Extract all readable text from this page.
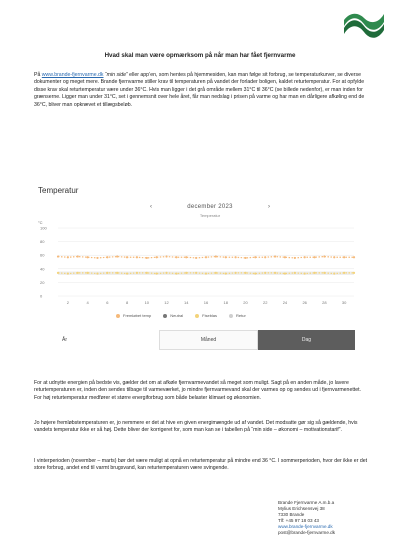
Hvad skal man være opmærksom på når man har fået fjernvarme
På www.brande-fjernvarme.dk “min side” eller app’en, som hentes på hjemmesiden, kan man følge sit forbrug, se temperaturkurver, se diverse dokumenter og meget mere. Brande fjernvarme stiller krav til temperaturen på vandet der forlader boligen, kaldet returtemperatur. For at opfylde disse krav skal returtemperatur være under 36°C. Hvis man ligger i det grå område mellem 31°C til 36°C (se billede nedenfor), er man inden for grænserne. Ligger man under 31°C, set i gennemsnit over hele året, får man nedslag i prisen på varme og har man en dårligere afkøling end de 36°C, bliver man opkrævet et tillægsbeløb.
Temperatur
‹	december 2023	›
Temperatur
°C
100
80
60
40
20
0
2	4	6	8	10	12	14	16	18	20	22	24	26	28	30
Fremløbet temp	Neutral	Fiseblas	Retur
År	Måned	Dag
For at udnytte energien på bedste vis, gælder det om at afkøle fjernvarmevandet så meget som muligt. Sagt på en anden måde, jo lavere returtemperaturen er, inden den sendes tilbage til varmeværket, jo mindre fjernvarmevand skal der varmes op og sendes ud i fjernvarmenettet. For høj returtemperatur medfører et større energiforbrug som både belaster klimaet og økonomien.
Jo højere fremløbstemperaturen er, jo nemmere er det at hive en given energimængde ud af vandet. Det modsatte gør sig så gældende, hvis vandets temperatur ikke er så høj. Dette bliver der korrigeret for, som man kan se i tabellen på “min side – økonomi – motivationstarif”.
I vinterperioden (november – marts) bør det være muligt at opnå en returtemperatur på mindre end 36 °C. I sommerperioden, hvor der ikke er det store forbrug, andet end til varmt brugsvand, kan returtemperaturen være svingende.
Brande Fjernvarme A.m.b.a
Mylius Erichsensvej 38
7330 Brande
Tlf: +45 97 18 03 43
www.brande-fjernvarme.dk
post@brande-fjernvarme.dk
